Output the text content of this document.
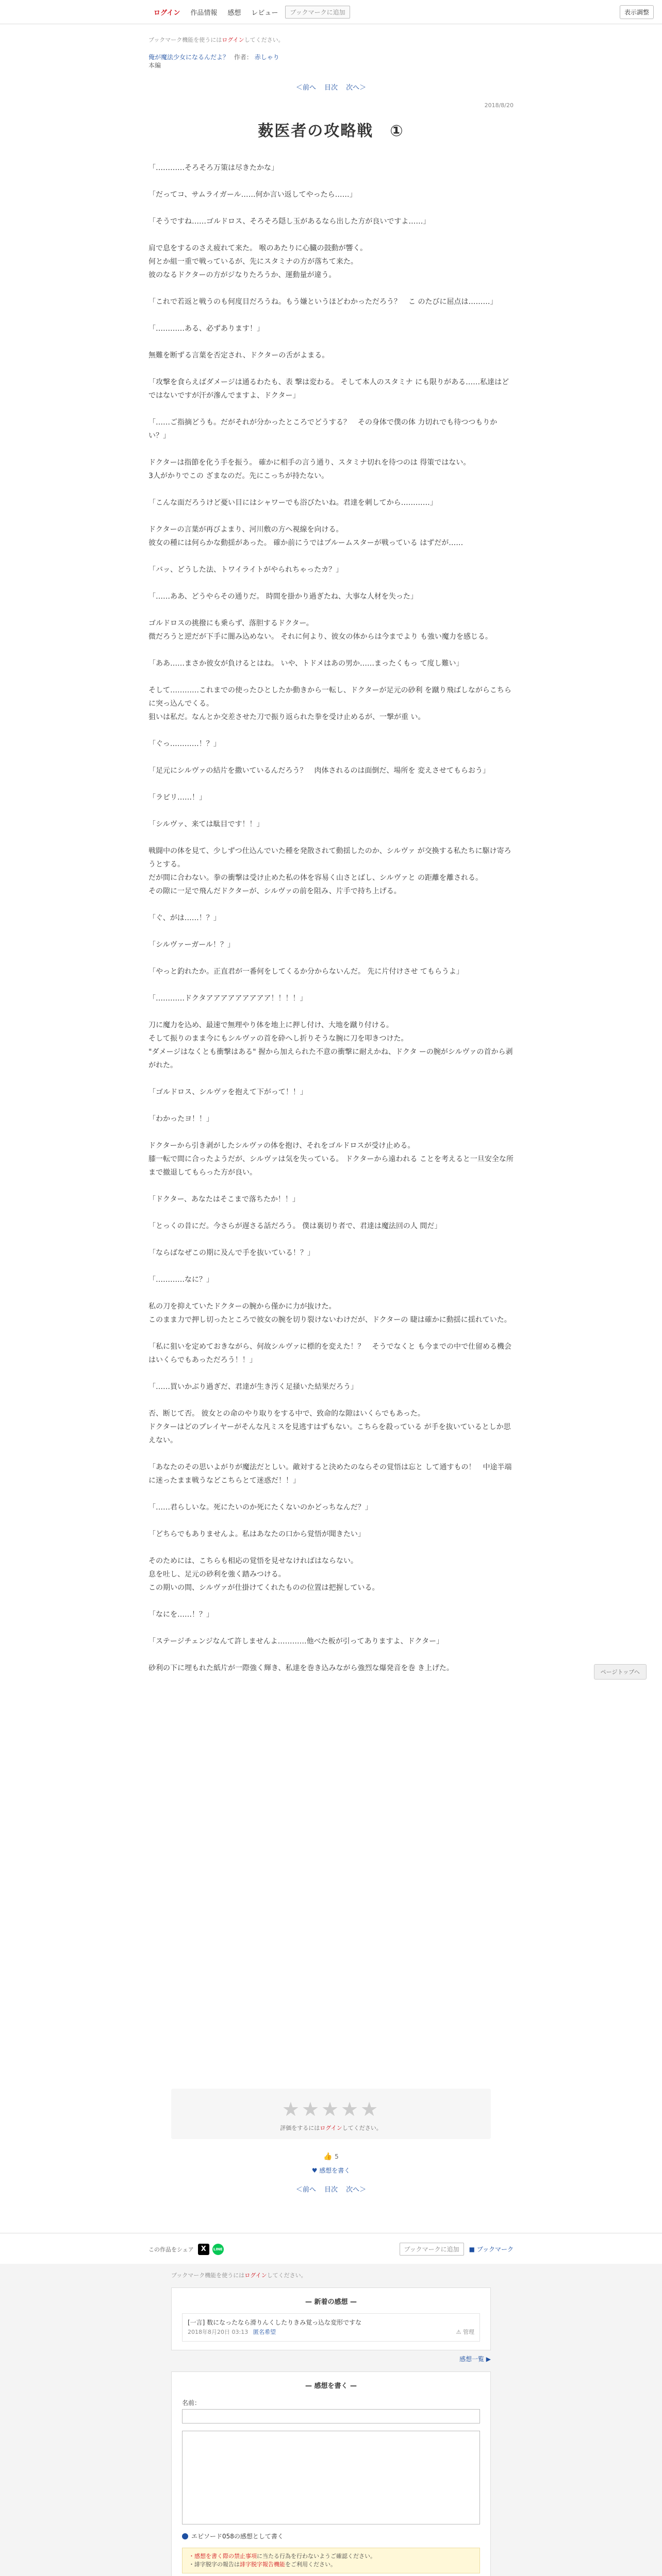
ログイン	作品情報	感想	レビュー	ブックマークに追加	表示調整
ブックマーク機能を使うにはログインしてください。
俺が魔法少女になるんだよ？ 作者： 赤しゃり
本編
＜前へ 目次 次へ＞
2018/8/20
薮医者の攻略戦　①

「…………そろそろ万策は尽きたかな」

「だってコ、サムライガール……何か言い返してやったら……」

「そうですね……ゴルドロス、そろそろ隠し玉があるなら出した方が良いですよ……」

肩で息をするのさえ疲れて来た。 喉のあたりに心臓の鼓動が響く。

何とか組一重で戦っているが、先にスタミナの方が落ちて来た。

彼のなるドクターの方がジなりたろうか、運動量が違う。

「これで若返と戦うのも何度目だろうね。もう嫌というほどわかっただろう？　こ のたびに屈点は………」

「…………ある、必ずあります！」

無難を断ずる言葉を否定され、ドクターの舌がよまる。

「攻撃を食らえばダメージは通るわたも、表 撃は変わる。 そして本人のスタミナ にも限りがある……私達はどではないですが汗が滲んでますよ、ドクター」

「……ご指摘どうも。だがそれが分かったところでどうする？　その身体で僕の体 力切れでも待つつもりかい？」

ドクターは指節を化う手を振う。 確かに相手の言う通り、スタミナ切れを待つのは 得策ではない。

3人がかりでこの ざまなのだ。先にこっちが持たない。

「こんな面だろうけど憂い目にはシャワーでも浴びたいね。君達を刺してから…………」

ドクターの言葉が再びよまり、河川敷の方へ視線を向ける。

彼女の種には何らかな動揺があった。 確か前にうではプルームスターが戦っている はずだが……

「バッ、どうした法、トワイライトがやられちゃったカ？」

「……ああ、どうやらその通りだ。 時間を掛かり過ぎたね、大事な人材を失った」

ゴルドロスの挑撥にも乗らず、落胆するドクター。

微だろうと逆だが下手に闇み込めない。 それに何より、彼女の体からは今までより も強い魔力を感じる。

「ああ……まさか彼女が負けるとはね。 いや、トドメはあの男か……まったくもっ て度し難い」

そして…………これまでの使ったひとしたか動きから一転し、ドクターが足元の砂利 を蹴り飛ばしながらこちらに突っ込んでくる。

狙いは私だ。なんとか交差させた刀で振り返られた拳を受け止めるが、一撃が重 い。

「ぐっ…………！？」

「足元にシルヴァの結片を撒いているんだろう？　肉体されるのは面倒だ、場所を 変えさせてもらおう」

「ラビリ……！」

「シルヴァ、来ては駄目です！！」

戦闘中の体を見て、少しずつ仕込んでいた種を発散されて動揺したのか、シルヴァ が交換する私たちに駆け寄ろうとする。

だが間に合わない。拳の衝撃は受け止めた私の体を容易く山さとばし、シルヴァと の距離を離される。

その隙に一足で飛んだドクターが、シルヴァの前を阻み、片手で持ち上げる。

「ぐ、がは……！？」

「シルヴァーガール！？」

「やっと釣れたか。正直君が一番何をしてくるか分からないんだ。 先に片付けさせ てもらうよ」

「…………ドクタアアアアアアアアア！！！！」

刀に魔力を込め、最速で無理やり体を地上に押し付け、大地を蹴り付ける。

そして振りのまま今にもシルヴァの首を砕へし折りそうな腕に刀を叩きつけた。

"ダメージはなくとも衝撃はある" 握から加えられた不意の衝撃に耐えかね、ドクタ ーの腕がシルヴァの首から剥がれた。

「ゴルドロス、シルヴァを抱えて下がって！！」

「わかったヨ！！」

ドクターから引き剥がしたシルヴァの体を抱け、それをゴルドロスが受け止める。

膝一転で間に合ったようだが、シルヴァは気を失っている。 ドクターから遠われる ことを考えると一旦安全な所まで撤退してもらった方が良い。

「ドクター、あなたはそこまで落ちたか！！」

「とっくの昔にだ。今さらが遅さる話だろう。 僕は裏切り者で、君達は魔法回の人 間だ」

「ならばなぜこの期に及んで手を抜いている！？」

「…………なに？」

私の刀を抑えていたドクターの腕から僅かに力が抜けた。

このまま力で押し切ったところで彼女の腕を切り裂けないわけだが、ドクターの 睫は確かに動揺に揺れていた。

「私に狙いを定めておきながら、何故シルヴァに標的を変えた！？　そうでなくと も今までの中で仕留める機会はいくらでもあっただろう！！」

「……買いかぶり過ぎだ、君達が生き汚く足掻いた結果だろう」

否、断じて否。 彼女との命のやり取りをする中で、致命的な隙はいくらでもあった。

ドクターはどのプレイヤーがそんな凡ミスを見逃すはずもない。こちらを殺っている が手を抜いているとしか思えない。

「あなたのその思いよがりが魔法だとしい。敵対すると決めたのならその覚悟は忘と して通すもの！　中途半端に迷ったまま戦うなどこちらとて迷惑だ！！」

「……君らしいな。死にたいのか死にたくないのかどっちなんだ？」

「どちらでもありませんよ。私はあなたの口から覚悟が聞きたい」

そのためには、こちらも相応の覚悟を見せなければはならない。

息を吐し、足元の砂利を強く踏みつける。

この期いの間、シルヴァが仕掛けてくれたものの位置は把握している。

「なにを……！？」

「ステージチェンジなんて許しませんよ…………他べた板が引ってありますよ、ドクター」

砂利の下に埋もれた紙片が一際強く輝き、私達を巻き込みながら強烈な爆発音を巻 き上げた。

★★★★★
評価をするにはログインしてください。
👍 5
♥ 感想を書く
＜前へ 目次 次へ＞
この作品をシェア	X	LINE	ブックマークに追加	■ ブックマーク
ブックマーク機能を使うにはログインしてください。
— 新着の感想 —
[一言] 数になったなら滑りんくしたりきみ覚っ込な変形ですな
2018年8月20日 03:13 匿名希望	⚠ 管理
感想一覧 ▶
— 感想を書く —
名前：
エピソード058の感想として書く
・感想を書く際の禁止事項に当たる行為を行わないようご確認ください。
・誹字脱字の報告は誹字脱字報告機能をご利用ください。
ページトップへ
